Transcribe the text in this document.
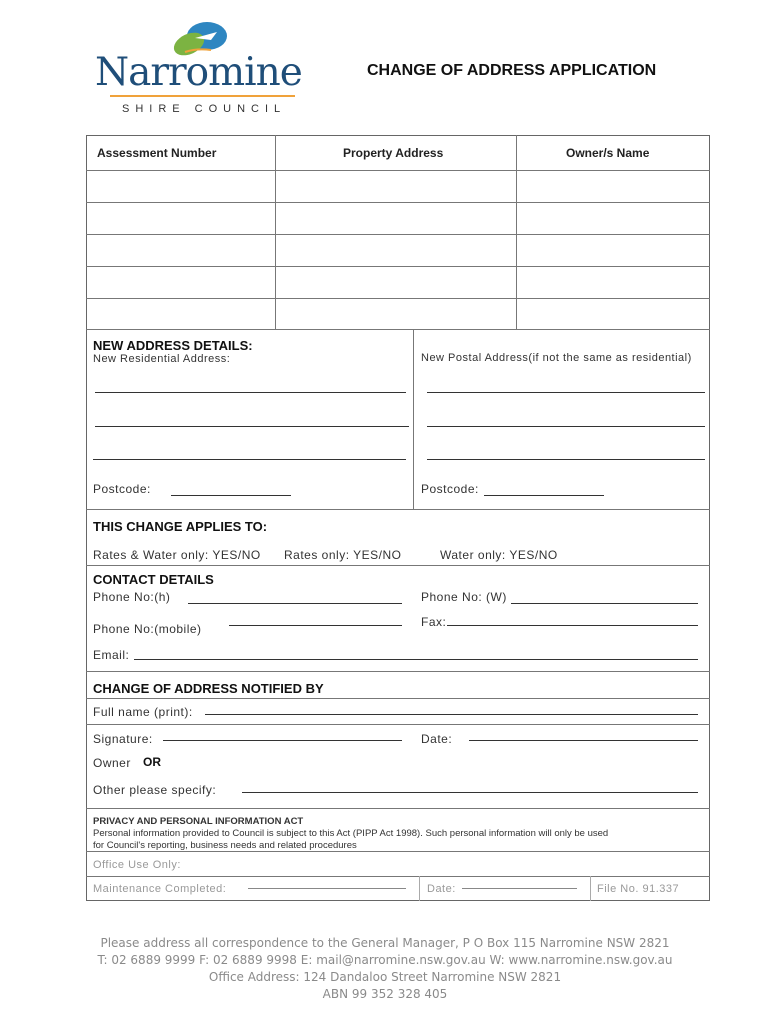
Narromine
SHIRE COUNCIL
CHANGE OF ADDRESS APPLICATION
Assessment Number	Property Address	Owner/s Name
NEW ADDRESS DETAILS:
New Residential Address:	New Postal Address(if not the same as residential)
Postcode:	Postcode:
THIS CHANGE APPLIES TO:
Rates & Water only: YES/NO Rates only: YES/NO	Water only: YES/NO
CONTACT DETAILS
Phone No:(h)	Phone No: (W)
Phone No:(mobile)	Fax:
Email:
CHANGE OF ADDRESS NOTIFIED BY
Full name (print):
Signature:	Date:
Owner OR
Other please specify:
PRIVACY AND PERSONAL INFORMATION ACT
Personal information provided to Council is subject to this Act (PIPP Act 1998). Such personal information will only be used
for Council's reporting, business needs and related procedures
Office Use Only:
Maintenance Completed:	Date:	File No. 91.337
Please address all correspondence to the General Manager, P O Box 115 Narromine NSW 2821
T: 02 6889 9999 F: 02 6889 9998 E: mail@narromine.nsw.gov.au W: www.narromine.nsw.gov.au
Office Address: 124 Dandaloo Street Narromine NSW 2821
ABN 99 352 328 405
